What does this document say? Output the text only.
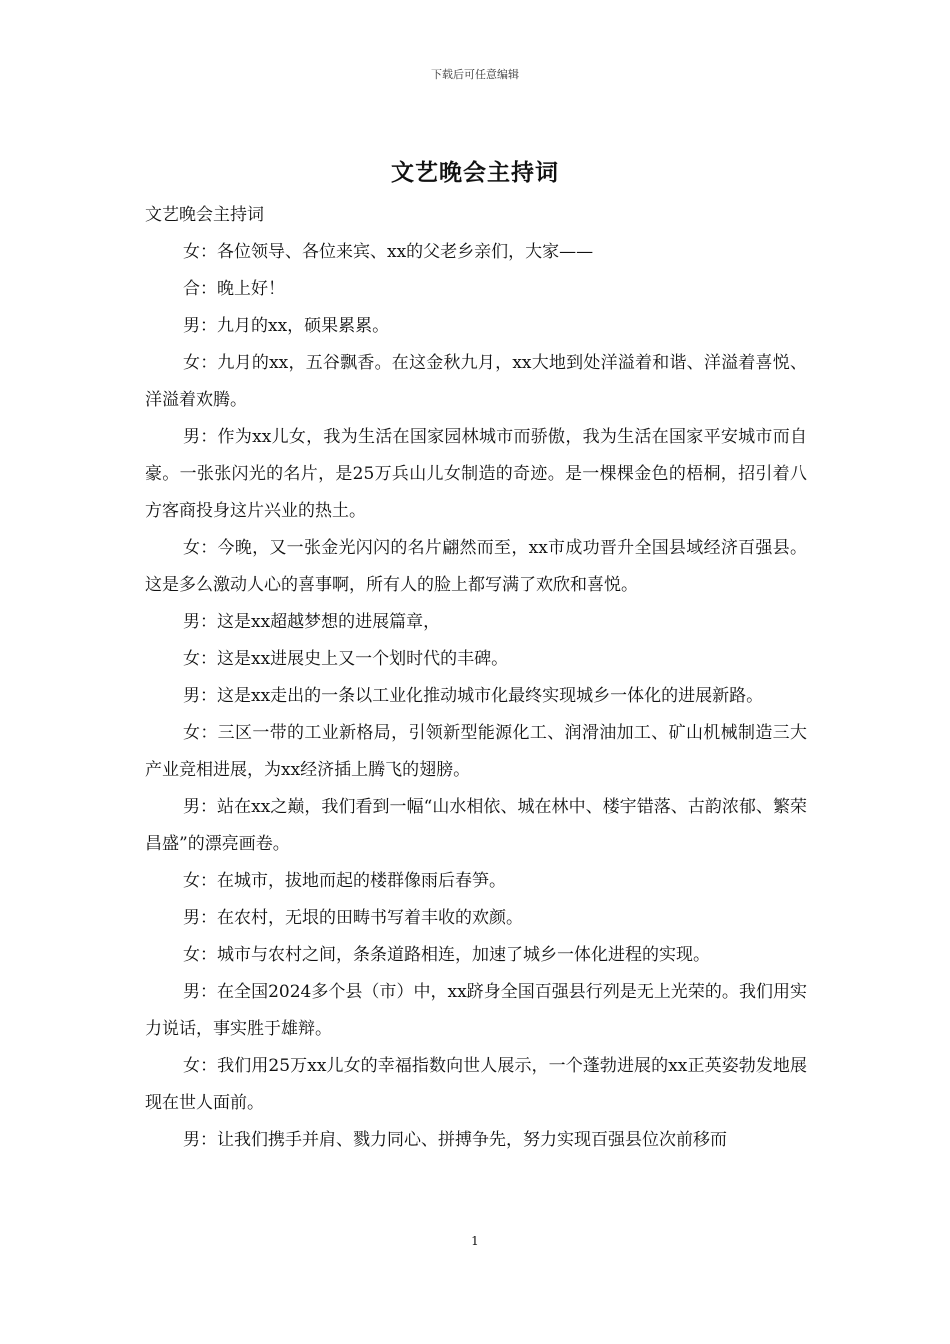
下载后可任意编辑
文艺晚会主持词

文艺晚会主持词

女：各位领导、各位来宾、xx的父老乡亲们，大家——

合：晚上好！

男：九月的xx，硕果累累。

女：九月的xx，五谷飘香。在这金秋九月，xx大地到处洋溢着和谐、洋溢着喜悦、洋溢着欢腾。

男：作为xx儿女，我为生活在国家园林城市而骄傲，我为生活在国家平安城市而自豪。一张张闪光的名片，是25万兵山儿女制造的奇迹。是一棵棵金色的梧桐，招引着八方客商投身这片兴业的热土。

女：今晚，又一张金光闪闪的名片翩然而至，xx市成功晋升全国县域经济百强县。这是多么激动人心的喜事啊，所有人的脸上都写满了欢欣和喜悦。

男：这是xx超越梦想的进展篇章，

女：这是xx进展史上又一个划时代的丰碑。

男：这是xx走出的一条以工业化推动城市化最终实现城乡一体化的进展新路。

女：三区一带的工业新格局，引领新型能源化工、润滑油加工、矿山机械制造三大产业竞相进展，为xx经济插上腾飞的翅膀。

男：站在xx之巅，我们看到一幅“山水相依、城在林中、楼宇错落、古韵浓郁、繁荣昌盛”的漂亮画卷。

女：在城市，拔地而起的楼群像雨后春笋。

男：在农村，无垠的田畴书写着丰收的欢颜。

女：城市与农村之间，条条道路相连，加速了城乡一体化进程的实现。

男：在全国2024多个县（市）中，xx跻身全国百强县行列是无上光荣的。我们用实力说话，事实胜于雄辩。

女：我们用25万xx儿女的幸福指数向世人展示，一个蓬勃进展的xx正英姿勃发地展现在世人面前。

男：让我们携手并肩、戮力同心、拼搏争先，努力实现百强县位次前移而

1
